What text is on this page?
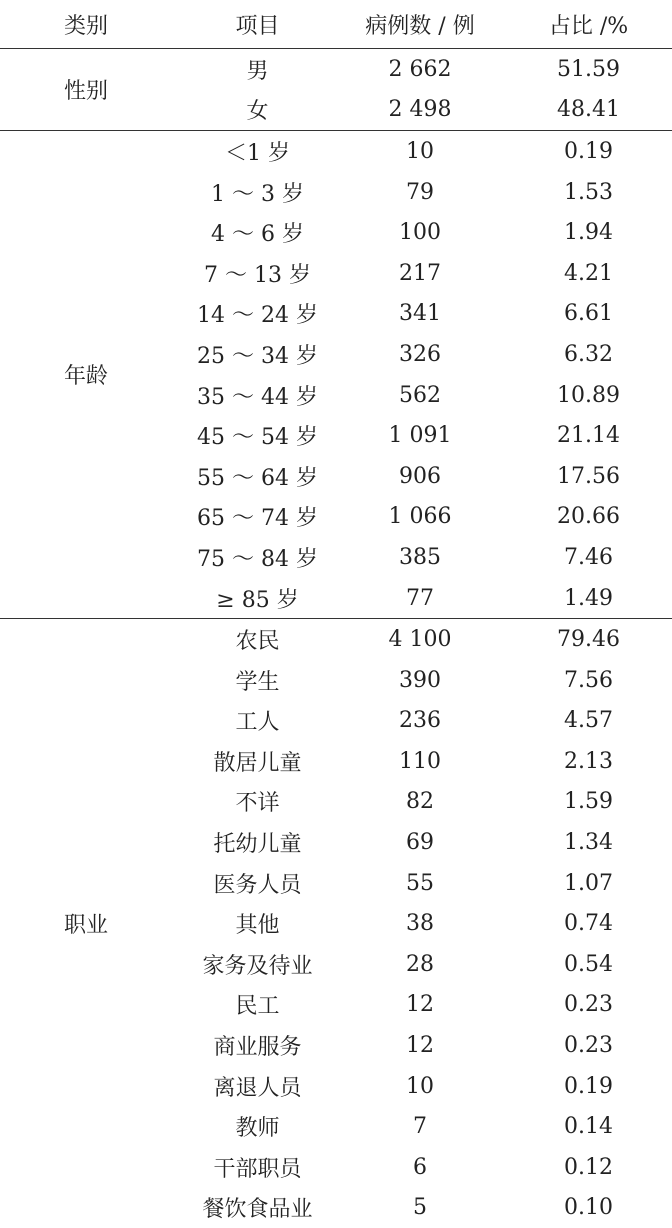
类别	项目	病例数 / 例	占比 /%
性别	男	2 662	51.59
	女	2 498	48.41
年龄	＜1 岁	10	0.19
	1 ～ 3 岁	79	1.53
	4 ～ 6 岁	100	1.94
	7 ～ 13 岁	217	4.21
	14 ～ 24 岁	341	6.61
	25 ～ 34 岁	326	6.32
	35 ～ 44 岁	562	10.89
	45 ～ 54 岁	1 091	21.14
	55 ～ 64 岁	906	17.56
	65 ～ 74 岁	1 066	20.66
	75 ～ 84 岁	385	7.46
	≥ 85 岁	77	1.49
职业	农民	4 100	79.46
	学生	390	7.56
	工人	236	4.57
	散居儿童	110	2.13
	不详	82	1.59
	托幼儿童	69	1.34
	医务人员	55	1.07
	其他	38	0.74
	家务及待业	28	0.54
	民工	12	0.23
	商业服务	12	0.23
	离退人员	10	0.19
	教师	7	0.14
	干部职员	6	0.12
	餐饮食品业	5	0.10
